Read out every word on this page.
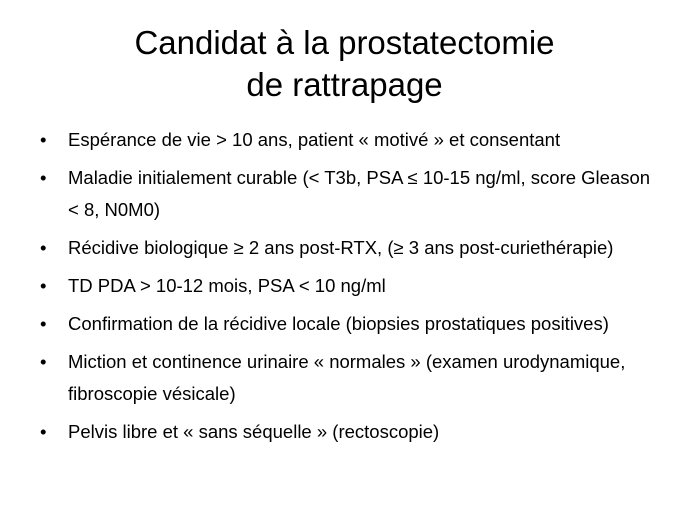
Candidat à la prostatectomie
de rattrapage
•	Espérance de vie > 10 ans, patient « motivé » et consentant
•	Maladie initialement curable (< T3b, PSA ≤ 10-15 ng/ml, score Gleason < 8, N0M0)
•	Récidive biologique ≥ 2 ans post-RTX, (≥ 3 ans post-curiethérapie)
•	TD PDA > 10-12 mois, PSA < 10 ng/ml
•	Confirmation de la récidive locale (biopsies prostatiques positives)
•	Miction et continence urinaire « normales » (examen urodynamique, fibroscopie vésicale)
•	Pelvis libre et « sans séquelle » (rectoscopie)
